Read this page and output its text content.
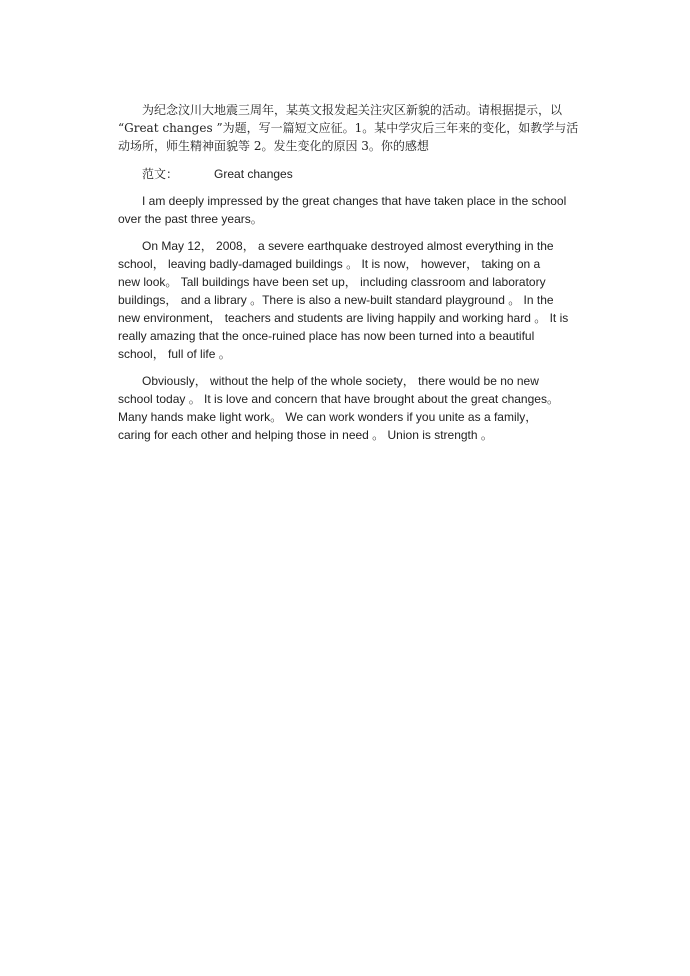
为纪念汶川大地震三周年，某英文报发起关注灾区新貌的活动。请根据提示，以
“Great changes ”为题，写一篇短文应征。1。某中学灾后三年来的变化，如教学与活
动场所，师生精神面貌等 2。发生变化的原因 3。你的感想
范文：	Great changes
I am deeply impressed by the great changes that have taken place in the school
over the past three years。
On May 12， 2008， a severe earthquake destroyed almost everything in the
school， leaving badly-damaged buildings 。 It is now， however， taking on a
new look。 Tall buildings have been set up， including classroom and laboratory
buildings， and a library 。There is also a new-built standard playground 。 In the
new environment， teachers and students are living happily and working hard 。 It is
really amazing that the once-ruined place has now been turned into a beautiful
school， full of life 。
Obviously， without the help of the whole society， there would be no new
school today 。 It is love and concern that have brought about the great changes。
Many hands make light work。 We can work wonders if you unite as a family，
caring for each other and helping those in need 。 Union is strength 。
